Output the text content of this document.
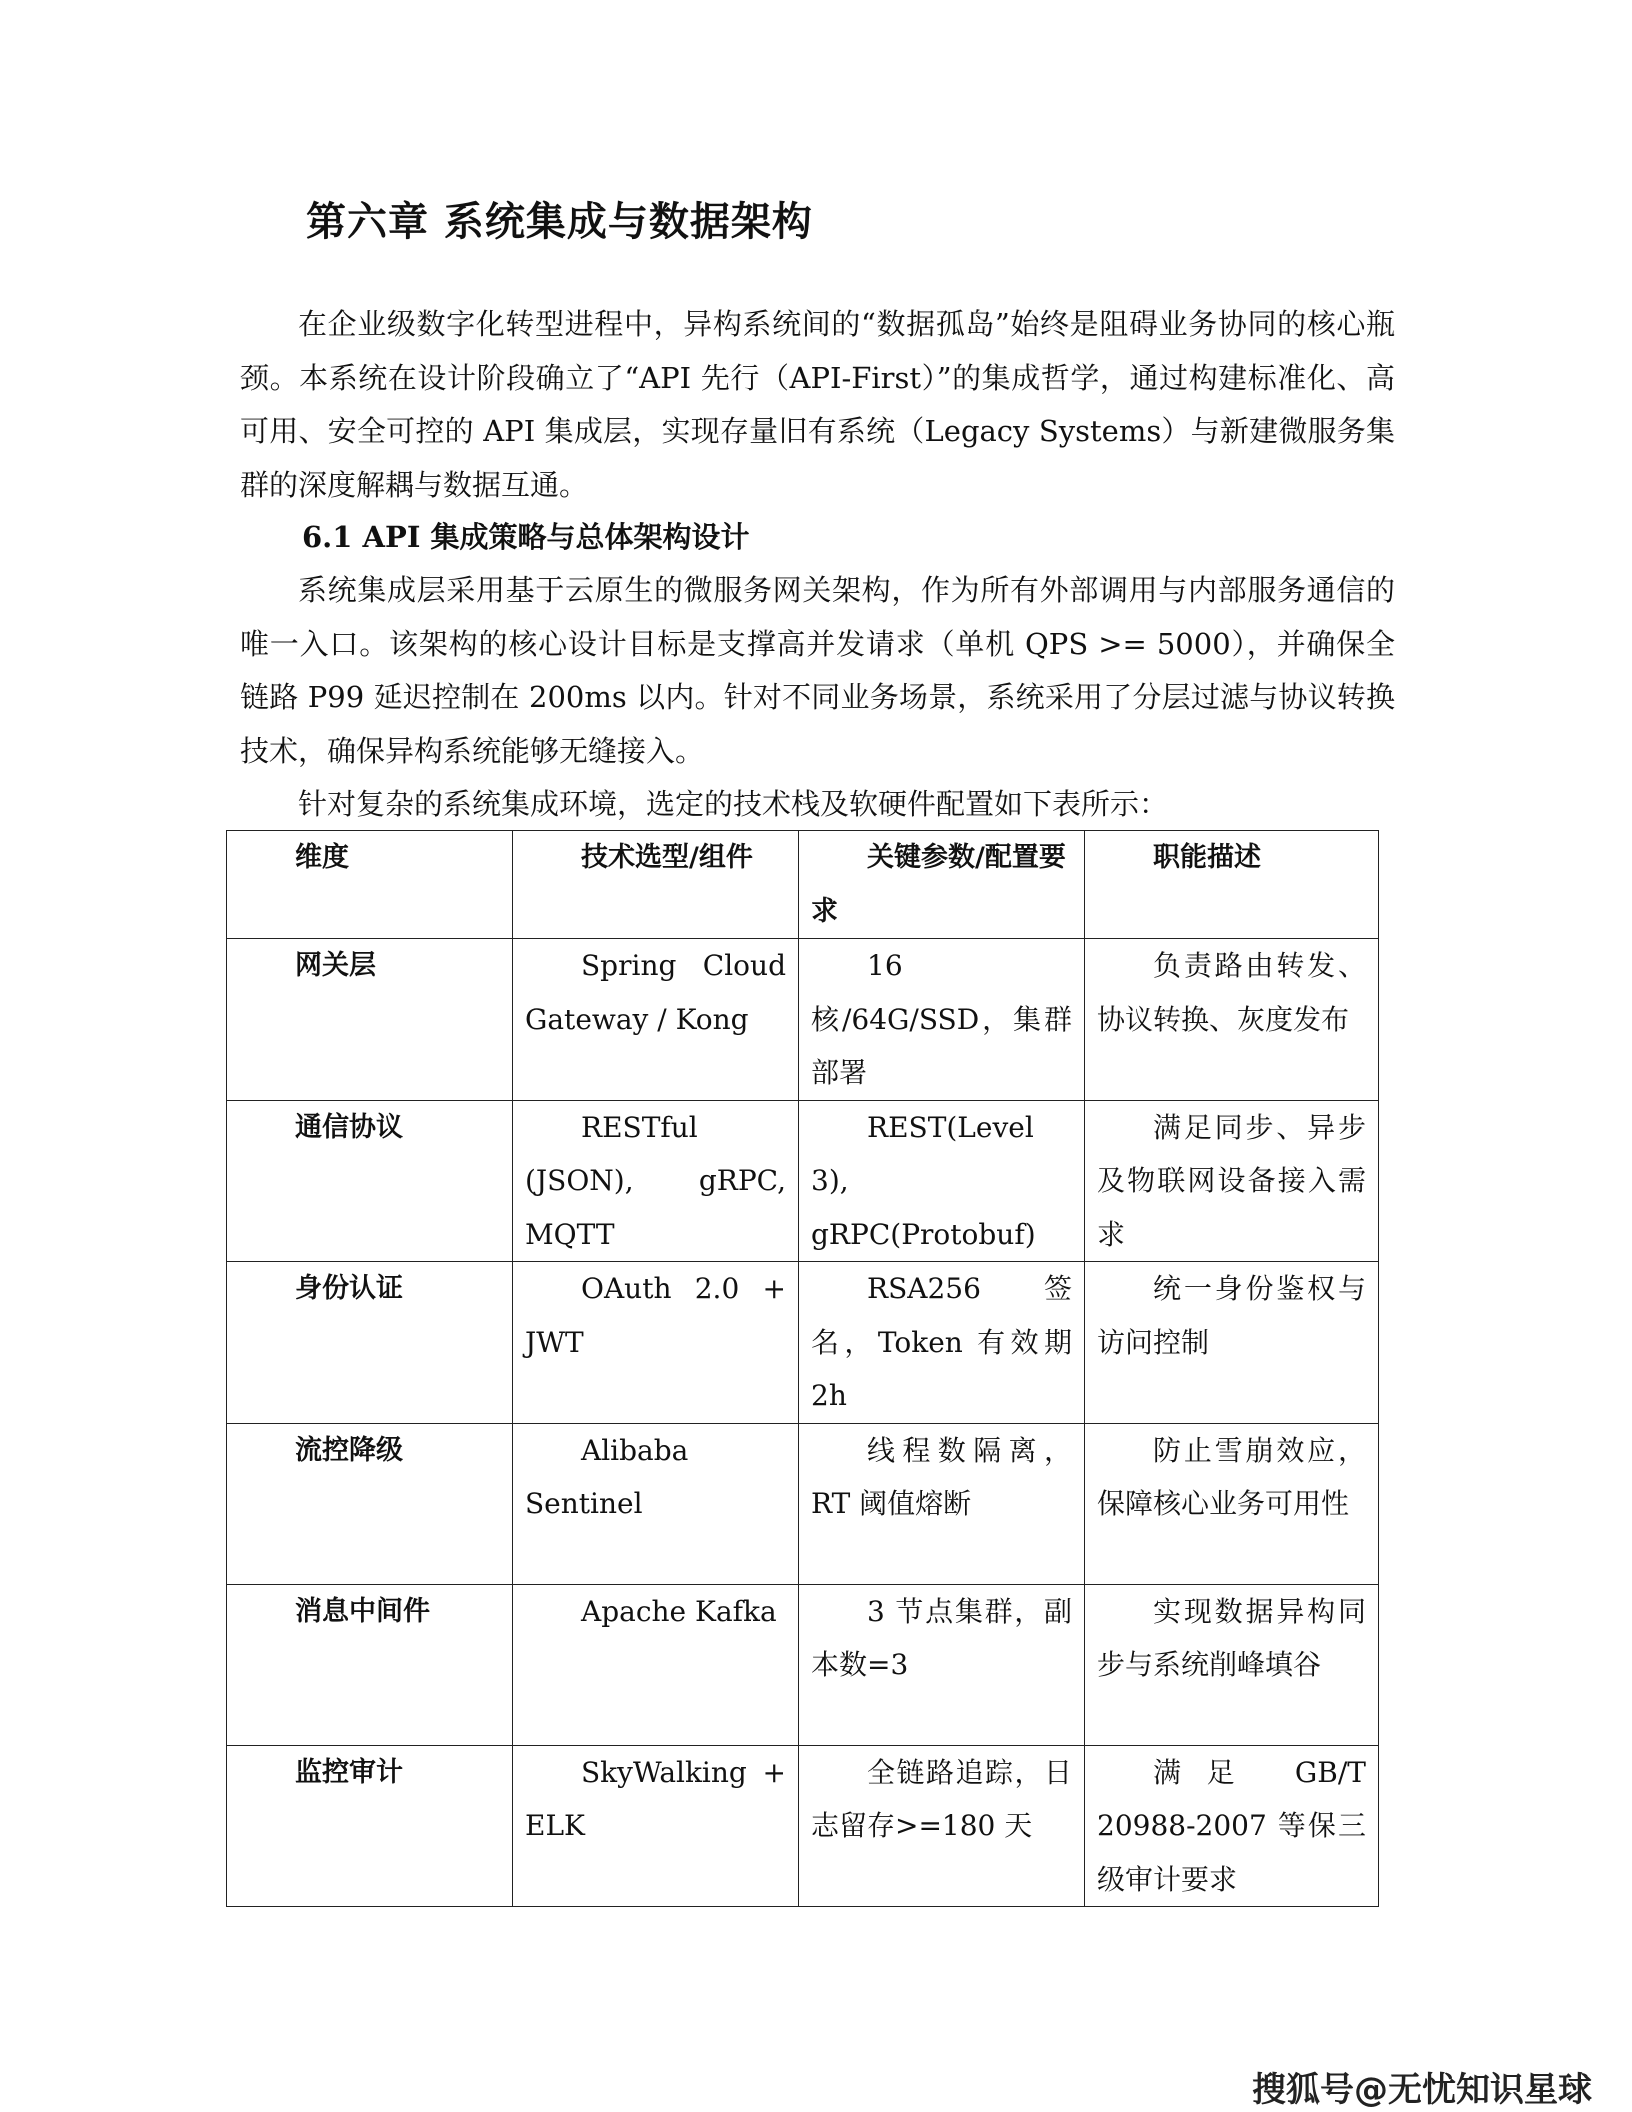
第六章 系统集成与数据架构

在企业级数字化转型进程中，异构系统间的“数据孤岛”始终是阻碍业务协同的核心瓶颈。本系统在设计阶段确立了“API 先行（API-First）”的集成哲学，通过构建标准化、高可用、安全可控的 API 集成层，实现存量旧有系统（Legacy Systems）与新建微服务集群的深度解耦与数据互通。

6.1 API 集成策略与总体架构设计

系统集成层采用基于云原生的微服务网关架构，作为所有外部调用与内部服务通信的唯一入口。该架构的核心设计目标是支撑高并发请求（单机 QPS >= 5000），并确保全链路 P99 延迟控制在 200ms 以内。针对不同业务场景，系统采用了分层过滤与协议转换技术，确保异构系统能够无缝接入。

针对复杂的系统集成环境，选定的技术栈及软硬件配置如下表所示：

维度	技术选型/组件	关键参数/配置要求	职能描述
网关层	Spring Cloud Gateway / Kong	16 核/64G/SSD，集群部署	负责路由转发、协议转换、灰度发布
通信协议	RESTful (JSON), gRPC, MQTT	REST(Level 3), gRPC(Protobuf)	满足同步、异步及物联网设备接入需求
身份认证	OAuth 2.0 + JWT	RSA256 签名，Token 有效期 2h	统一身份鉴权与访问控制
流控降级	Alibaba Sentinel	线程数隔离，RT 阈值熔断	防止雪崩效应，保障核心业务可用性
消息中间件	Apache Kafka	3 节点集群，副本数=3	实现数据异构同步与系统削峰填谷
监控审计	SkyWalking + ELK	全链路追踪，日志留存>=180 天	满足 GB/T 20988-2007 等保三级审计要求
搜狐号@无忧知识星球
